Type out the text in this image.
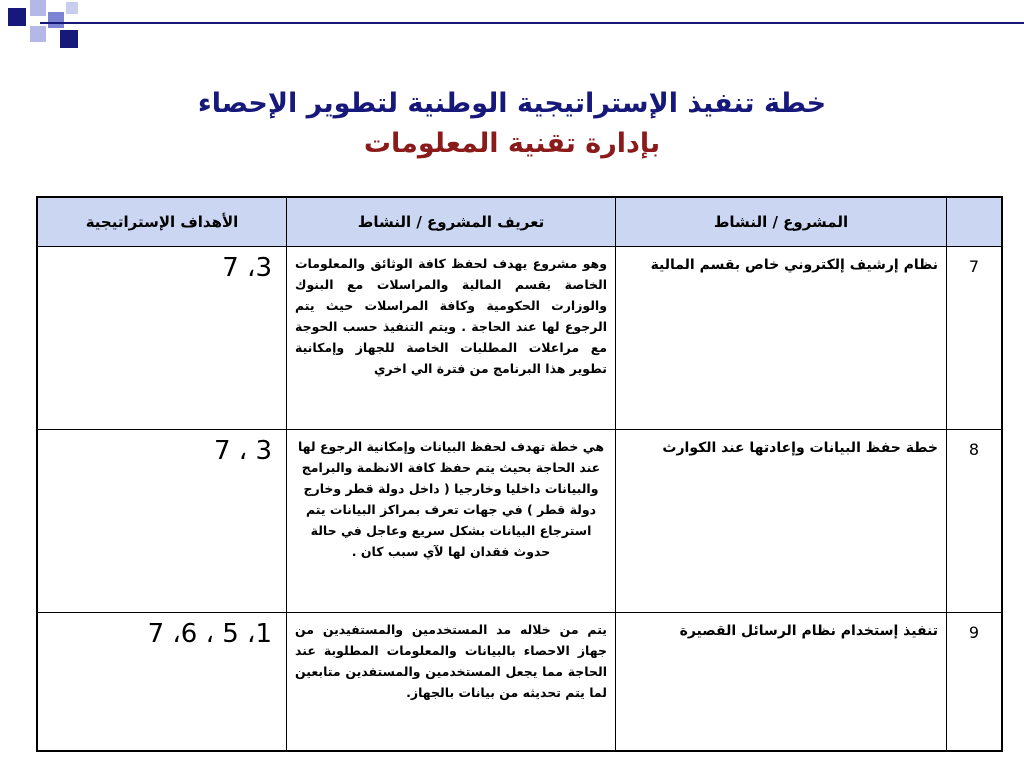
خطة تنفيذ الإستراتيجية الوطنية لتطوير الإحصاء
بإدارة تقنية المعلومات
	المشروع / النشاط	تعريف المشروع / النشاط	الأهداف الإستراتيجية
7	نظام إرشيف إلكتروني خاص بقسم المالية	وهو مشروع يهدف لحفظ كافة الوثائق والمعلومات الخاصة بقسم المالية والمراسلات مع البنوك والوزارت الحكومية وكافة المراسلات حيث يتم الرجوع لها عند الحاجة . ويتم التنفيذ حسب الحوجة مع مراعلات المطلبات الخاصة للجهاز وإمكانية تطوير هذا البرنامج من فترة الي اخري	3، 7
8	خطة حفظ البيانات وإعادتها عند الكوارث	هي خطة تهدف لحفظ البيانات وإمكانية الرجوع لها عند الحاجة بحيث يتم حفظ كافة الانظمة والبرامج والبيانات داخليا وخارجيا ( داخل دولة قطر وخارج دولة قطر ) في جهات تعرف بمراكز البيانات يتم استرجاع البيانات بشكل سريع وعاجل في حالة حدوث فقدان لها لآي سبب كان .	3 ، 7
9	تنفيذ إستخدام نظام الرسائل القصيرة	يتم من خلاله مد المستخدمين والمستفيدين من جهاز الاحصاء بالبيانات والمعلومات المطلوبة عند الحاجة مما يجعل المستخدمين والمستفدين متابعين لما يتم تحديثه من بيانات بالجهاز.	1، 5 ، 6، 7
